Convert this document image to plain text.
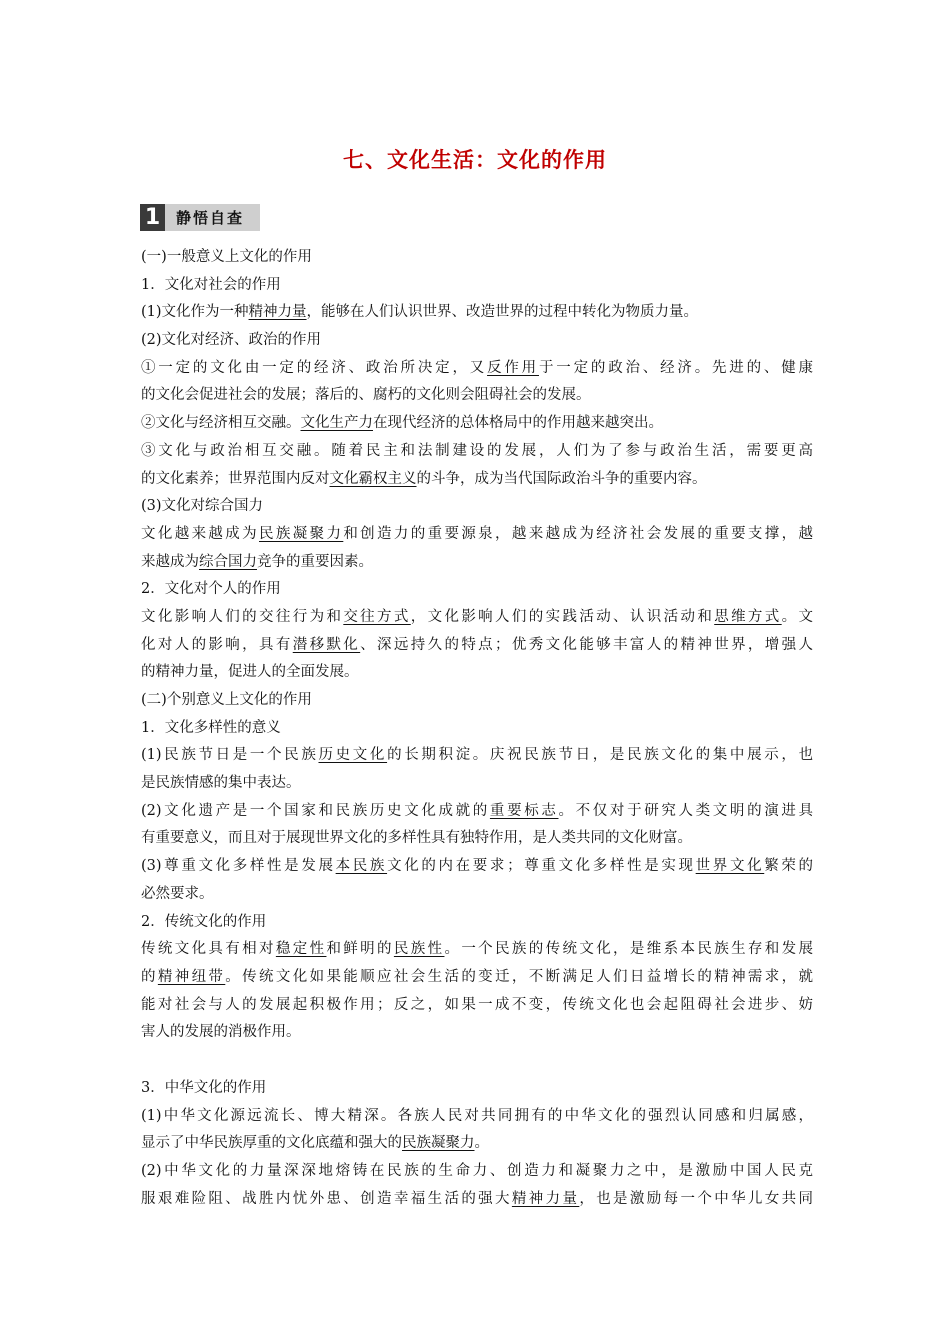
七、文化生活：文化的作用
1	静悟自查
(一)一般意义上文化的作用
1．文化对社会的作用
(1)文化作为一种精神力量，能够在人们认识世界、改造世界的过程中转化为物质力量。
(2)文化对经济、政治的作用
①一定的文化由一定的经济、政治所决定，又反作用于一定的政治、经济。先进的、健康
的文化会促进社会的发展；落后的、腐朽的文化则会阻碍社会的发展。
②文化与经济相互交融。文化生产力在现代经济的总体格局中的作用越来越突出。
③文化与政治相互交融。随着民主和法制建设的发展，人们为了参与政治生活，需要更高
的文化素养；世界范围内反对文化霸权主义的斗争，成为当代国际政治斗争的重要内容。
(3)文化对综合国力
文化越来越成为民族凝聚力和创造力的重要源泉，越来越成为经济社会发展的重要支撑，越
来越成为综合国力竞争的重要因素。
2．文化对个人的作用
文化影响人们的交往行为和交往方式，文化影响人们的实践活动、认识活动和思维方式。文
化对人的影响，具有潜移默化、深远持久的特点；优秀文化能够丰富人的精神世界，增强人
的精神力量，促进人的全面发展。
(二)个别意义上文化的作用
1．文化多样性的意义
(1)民族节日是一个民族历史文化的长期积淀。庆祝民族节日，是民族文化的集中展示，也
是民族情感的集中表达。
(2)文化遗产是一个国家和民族历史文化成就的重要标志。不仅对于研究人类文明的演进具
有重要意义，而且对于展现世界文化的多样性具有独特作用，是人类共同的文化财富。
(3)尊重文化多样性是发展本民族文化的内在要求；尊重文化多样性是实现世界文化繁荣的
必然要求。
2．传统文化的作用
传统文化具有相对稳定性和鲜明的民族性。一个民族的传统文化，是维系本民族生存和发展
的精神纽带。传统文化如果能顺应社会生活的变迁，不断满足人们日益增长的精神需求，就
能对社会与人的发展起积极作用；反之，如果一成不变，传统文化也会起阻碍社会进步、妨
害人的发展的消极作用。
3．中华文化的作用
(1)中华文化源远流长、博大精深。各族人民对共同拥有的中华文化的强烈认同感和归属感，
显示了中华民族厚重的文化底蕴和强大的民族凝聚力。
(2)中华文化的力量深深地熔铸在民族的生命力、创造力和凝聚力之中，是激励中国人民克
服艰难险阻、战胜内忧外患、创造幸福生活的强大精神力量，也是激励每一个中华儿女共同
